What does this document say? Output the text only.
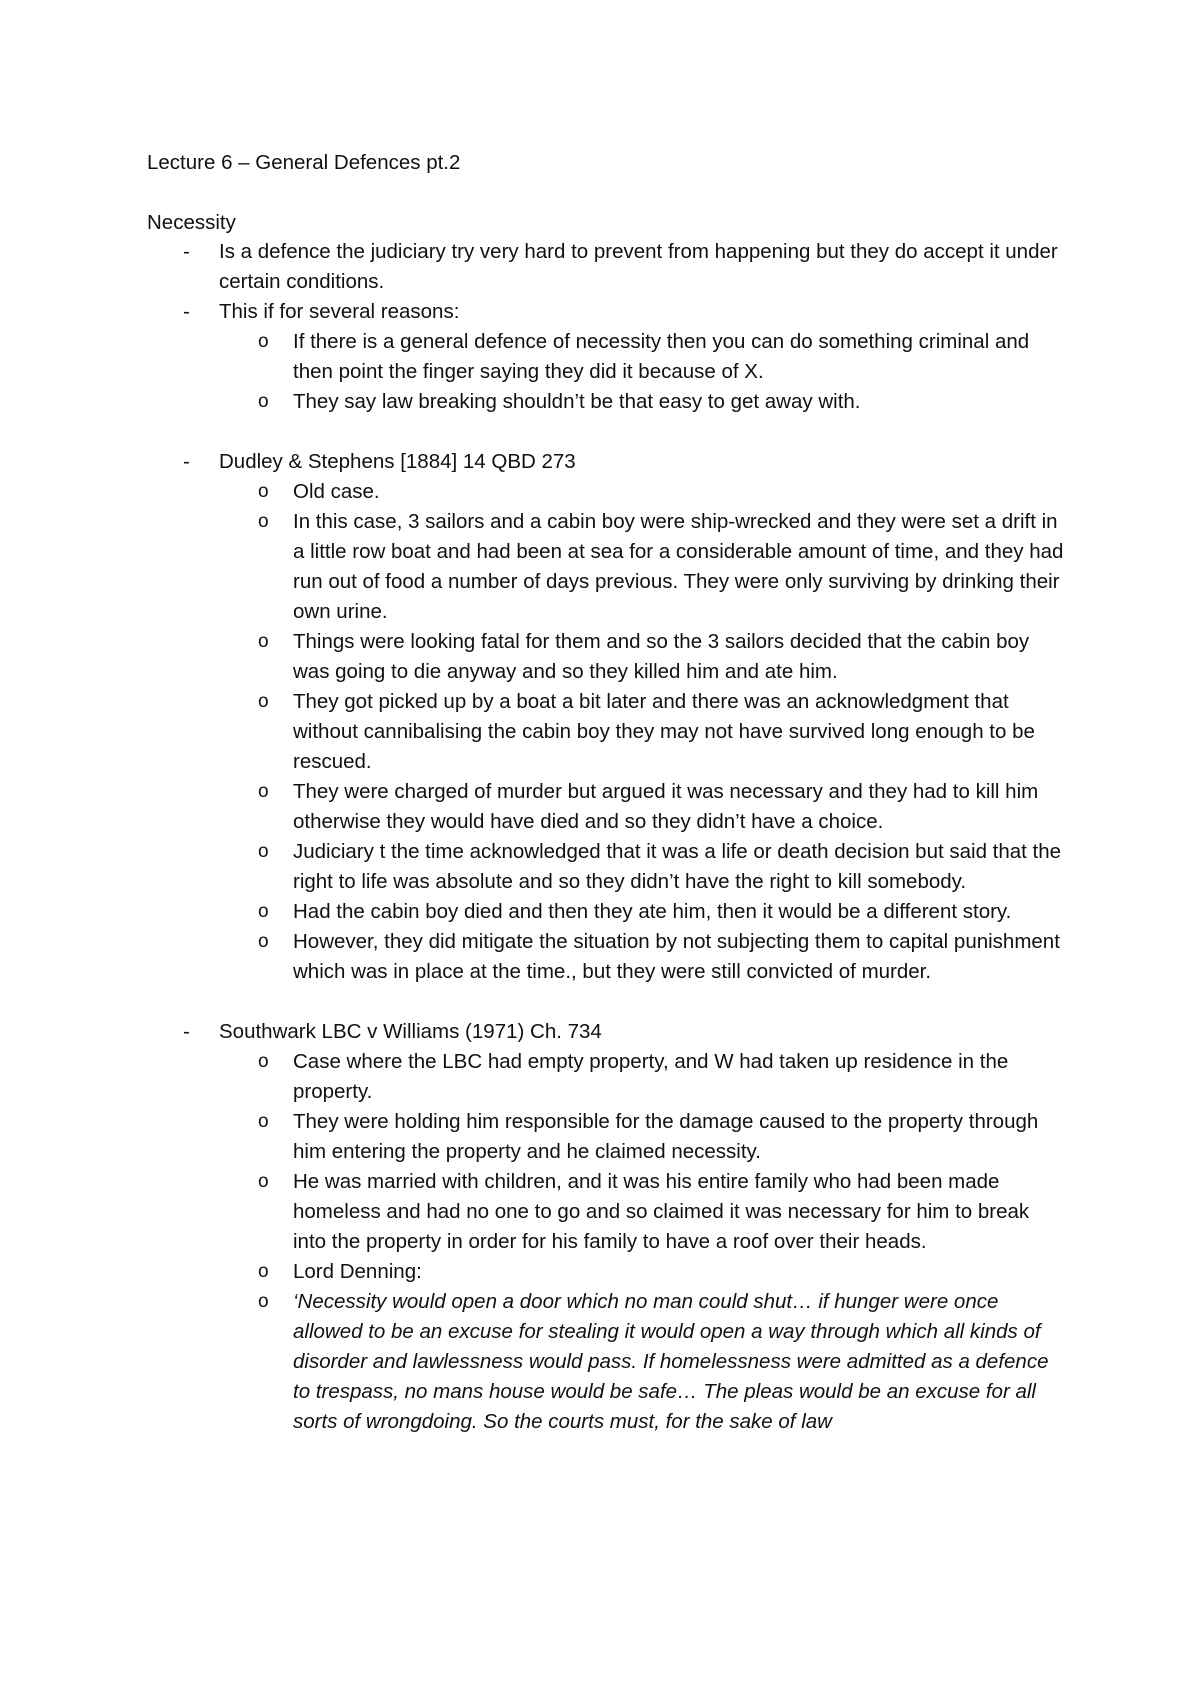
Lecture 6 – General Defences pt.2
Necessity
- Is a defence the judiciary try very hard to prevent from happening but they do accept it under certain conditions.
- This if for several reasons:
o If there is a general defence of necessity then you can do something criminal and then point the finger saying they did it because of X.
o They say law breaking shouldn’t be that easy to get away with.
- Dudley & Stephens [1884] 14 QBD 273
o Old case.
o In this case, 3 sailors and a cabin boy were ship-wrecked and they were set a drift in a little row boat and had been at sea for a considerable amount of time, and they had run out of food a number of days previous. They were only surviving by drinking their own urine.
o Things were looking fatal for them and so the 3 sailors decided that the cabin boy was going to die anyway and so they killed him and ate him.
o They got picked up by a boat a bit later and there was an acknowledgment that without cannibalising the cabin boy they may not have survived long enough to be rescued.
o They were charged of murder but argued it was necessary and they had to kill him otherwise they would have died and so they didn’t have a choice.
o Judiciary t the time acknowledged that it was a life or death decision but said that the right to life was absolute and so they didn’t have the right to kill somebody.
o Had the cabin boy died and then they ate him, then it would be a different story.
o However, they did mitigate the situation by not subjecting them to capital punishment which was in place at the time., but they were still convicted of murder.
- Southwark LBC v Williams (1971) Ch. 734
o Case where the LBC had empty property, and W had taken up residence in the property.
o They were holding him responsible for the damage caused to the property through him entering the property and he claimed necessity.
o He was married with children, and it was his entire family who had been made homeless and had no one to go and so claimed it was necessary for him to break into the property in order for his family to have a roof over their heads.
o Lord Denning:
o ‘Necessity would open a door which no man could shut… if hunger were once allowed to be an excuse for stealing it would open a way through which all kinds of disorder and lawlessness would pass. If homelessness were admitted as a defence to trespass, no mans house would be safe… The pleas would be an excuse for all sorts of wrongdoing. So the courts must, for the sake of law
